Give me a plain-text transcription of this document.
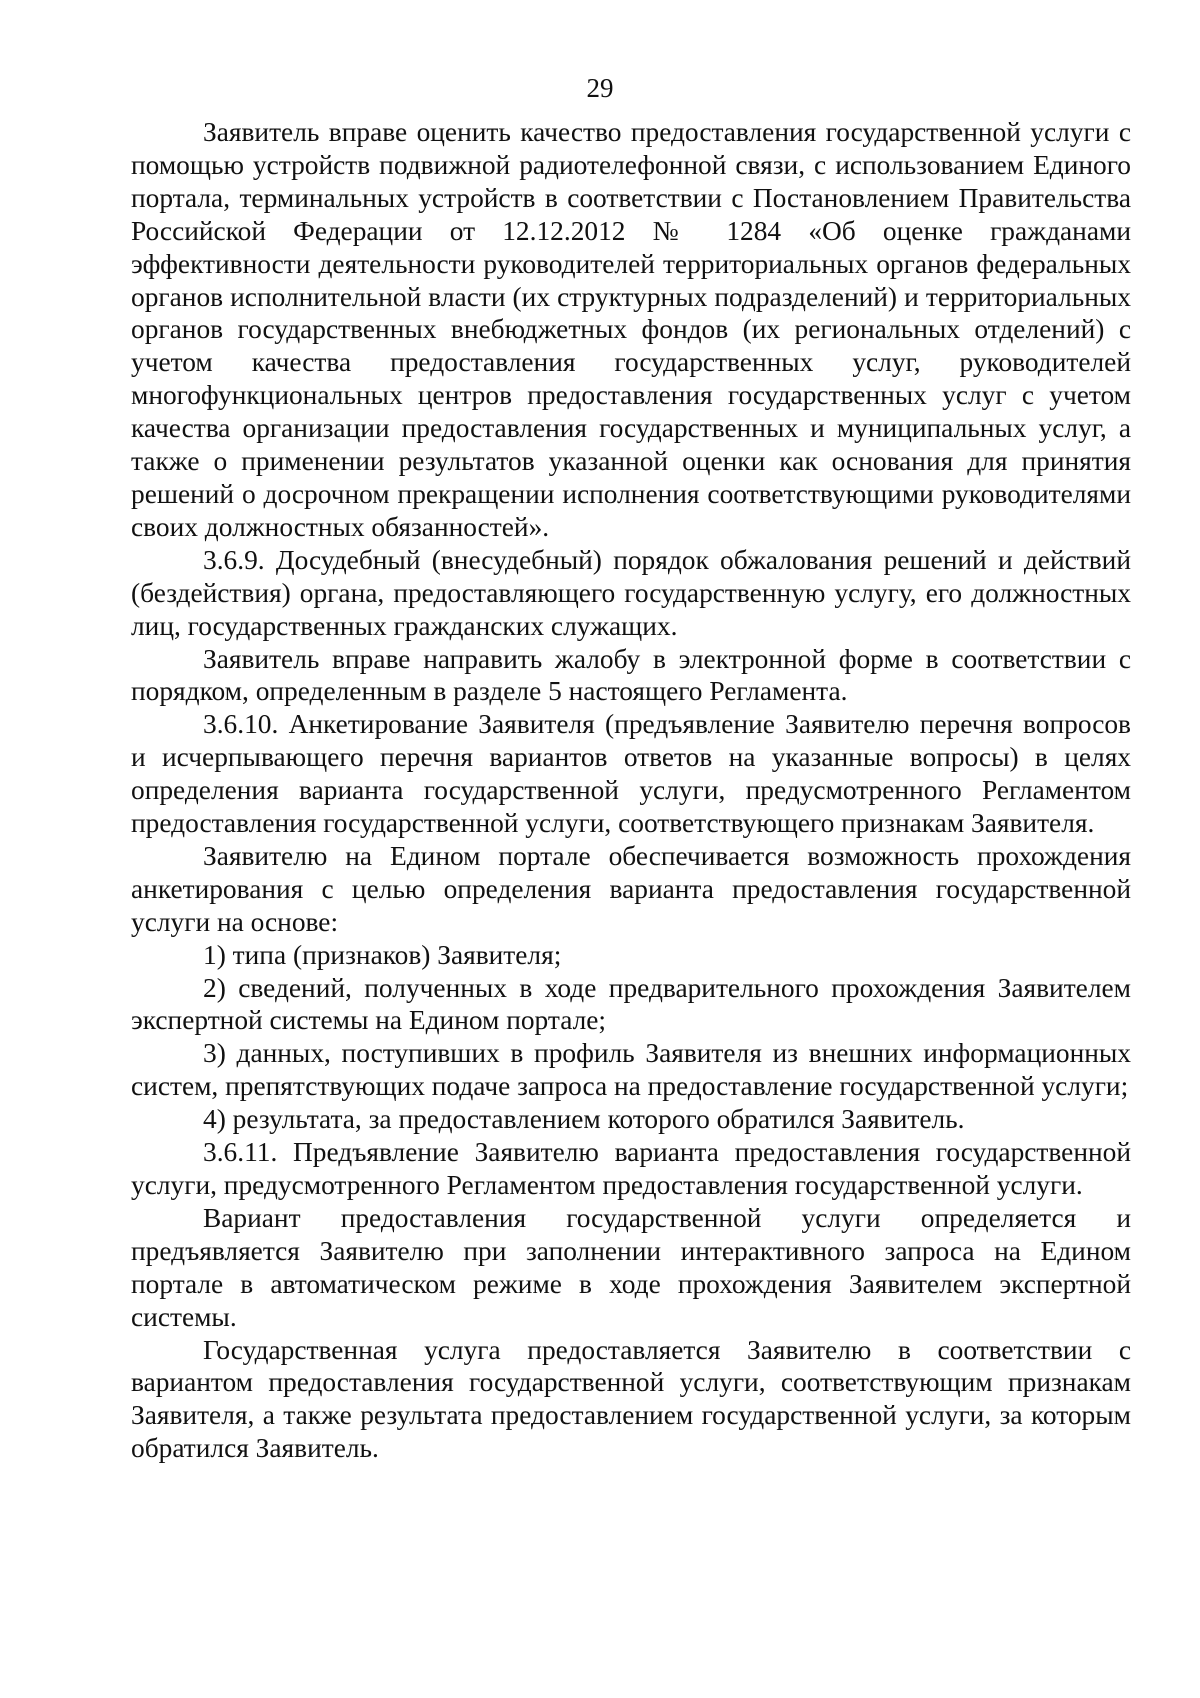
29

Заявитель вправе оценить качество предоставления государственной услуги с помощью устройств подвижной радиотелефонной связи, с использованием Единого портала, терминальных устройств в соответствии с Постановлением Правительства Российской Федерации от 12.12.2012 № 1284 «Об оценке гражданами эффективности деятельности руководителей территориальных органов федеральных органов исполнительной власти (их структурных подразделений) и территориальных органов государственных внебюджетных фондов (их региональных отделений) с учетом качества предоставления государственных услуг, руководителей многофункциональных центров предоставления государственных услуг с учетом качества организации предоставления государственных и муниципальных услуг, а также о применении результатов указанной оценки как основания для принятия решений о досрочном прекращении исполнения соответствующими руководителями своих должностных обязанностей».

3.6.9. Досудебный (внесудебный) порядок обжалования решений и действий (бездействия) органа, предоставляющего государственную услугу, его должностных лиц, государственных гражданских служащих.

Заявитель вправе направить жалобу в электронной форме в соответствии с порядком, определенным в разделе 5 настоящего Регламента.

3.6.10. Анкетирование Заявителя (предъявление Заявителю перечня вопросов и исчерпывающего перечня вариантов ответов на указанные вопросы) в целях определения варианта государственной услуги, предусмотренного Регламентом предоставления государственной услуги, соответствующего признакам Заявителя.

Заявителю на Едином портале обеспечивается возможность прохождения анкетирования с целью определения варианта предоставления государственной услуги на основе:

1) типа (признаков) Заявителя;

2) сведений, полученных в ходе предварительного прохождения Заявителем экспертной системы на Едином портале;

3) данных, поступивших в профиль Заявителя из внешних информационных систем, препятствующих подаче запроса на предоставление государственной услуги;

4) результата, за предоставлением которого обратился Заявитель.

3.6.11. Предъявление Заявителю варианта предоставления государственной услуги, предусмотренного Регламентом предоставления государственной услуги.

Вариант предоставления государственной услуги определяется и предъявляется Заявителю при заполнении интерактивного запроса на Едином портале в автоматическом режиме в ходе прохождения Заявителем экспертной системы.

Государственная услуга предоставляется Заявителю в соответствии с вариантом предоставления государственной услуги, соответствующим признакам Заявителя, а также результата предоставлением государственной услуги, за которым обратился Заявитель.
